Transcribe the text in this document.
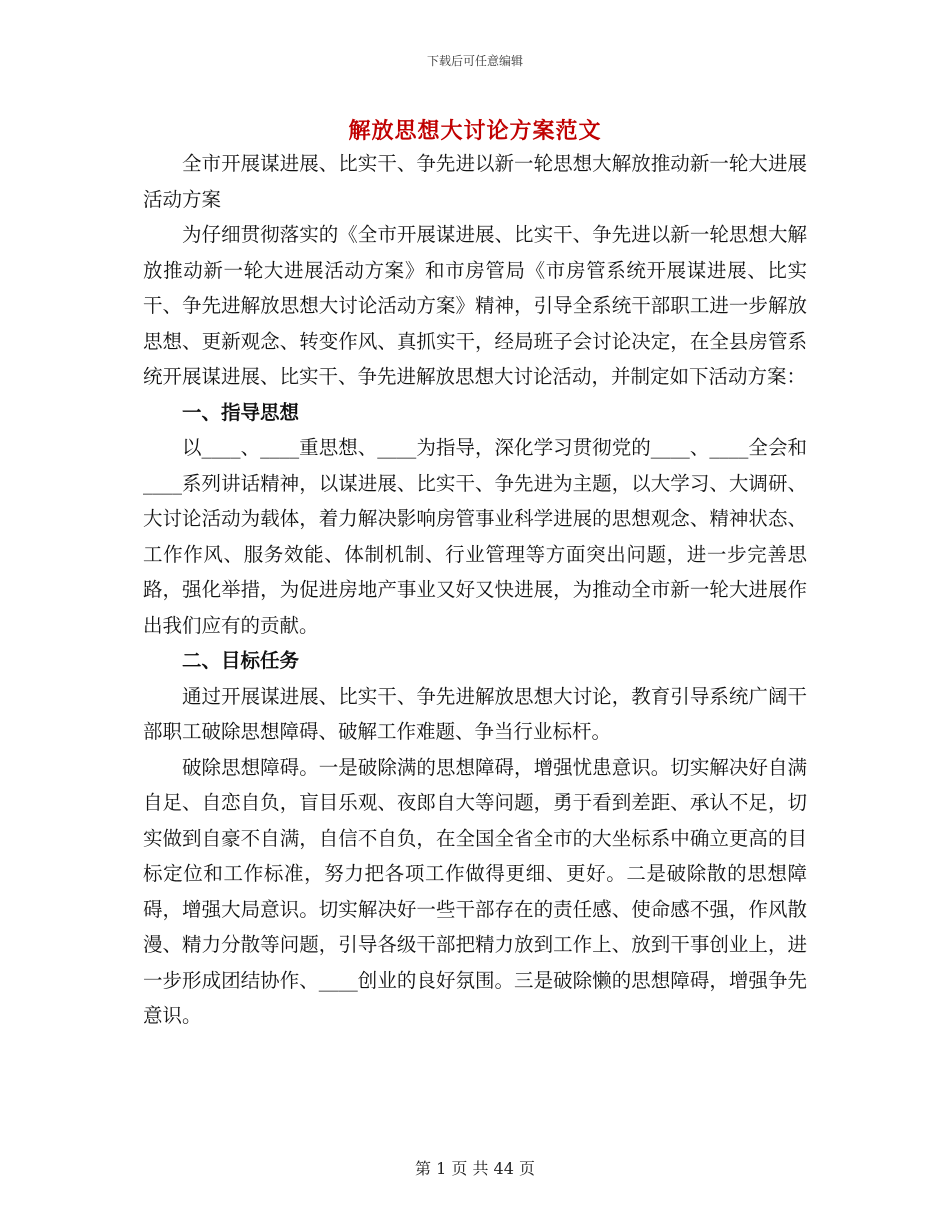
下载后可任意编辑
解放思想大讨论方案范文

全市开展谋进展、比实干、争先进以新一轮思想大解放推动新一轮大进展活动方案

为仔细贯彻落实的《全市开展谋进展、比实干、争先进以新一轮思想大解放推动新一轮大进展活动方案》和市房管局《市房管系统开展谋进展、比实干、争先进解放思想大讨论活动方案》精神，引导全系统干部职工进一步解放思想、更新观念、转变作风、真抓实干，经局班子会讨论决定，在全县房管系统开展谋进展、比实干、争先进解放思想大讨论活动，并制定如下活动方案：

一、指导思想

以____、____重思想、____为指导，深化学习贯彻党的____、____全会和____系列讲话精神，以谋进展、比实干、争先进为主题，以大学习、大调研、大讨论活动为载体，着力解决影响房管事业科学进展的思想观念、精神状态、工作作风、服务效能、体制机制、行业管理等方面突出问题，进一步完善思路，强化举措，为促进房地产事业又好又快进展，为推动全市新一轮大进展作出我们应有的贡献。

二、目标任务

通过开展谋进展、比实干、争先进解放思想大讨论，教育引导系统广阔干部职工破除思想障碍、破解工作难题、争当行业标杆。

破除思想障碍。一是破除满的思想障碍，增强忧患意识。切实解决好自满自足、自恋自负，盲目乐观、夜郎自大等问题，勇于看到差距、承认不足，切实做到自豪不自满，自信不自负，在全国全省全市的大坐标系中确立更高的目标定位和工作标准，努力把各项工作做得更细、更好。二是破除散的思想障碍，增强大局意识。切实解决好一些干部存在的责任感、使命感不强，作风散漫、精力分散等问题，引导各级干部把精力放到工作上、放到干事创业上，进一步形成团结协作、____创业的良好氛围。三是破除懒的思想障碍，增强争先意识。

第 1 页 共 44 页
